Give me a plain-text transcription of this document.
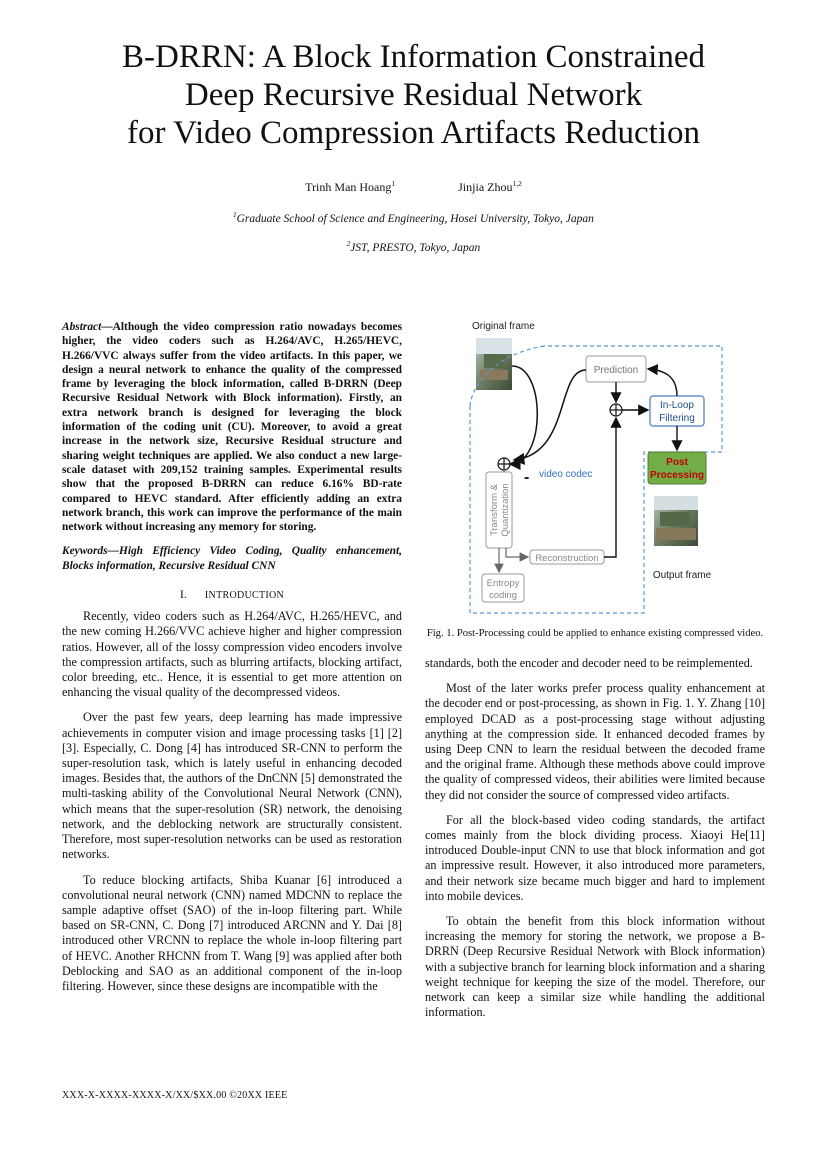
B-DRRN: A Block Information Constrained
Deep Recursive Residual Network
for Video Compression Artifacts Reduction
Trinh Man Hoang$^1$	Jinjia Zhou$^{1,2}$
$^1$Graduate School of Science and Engineering, Hosei University, Tokyo, Japan
$^2$JST, PRESTO, Tokyo, Japan
Abstract—Although the video compression ratio nowadays becomes higher, the video coders such as H.264/AVC, H.265/HEVC, H.266/VVC always suffer from the video artifacts. In this paper, we design a neural network to enhance the quality of the compressed frame by leveraging the block information, called B-DRRN (Deep Recursive Residual Network with Block information). Firstly, an extra network branch is designed for leveraging the block information of the coding unit (CU). Moreover, to avoid a great increase in the network size, Recursive Residual structure and sharing weight techniques are applied. We also conduct a new large-scale dataset with 209,152 training samples. Experimental results show that the proposed B-DRRN can reduce 6.16% BD-rate compared to HEVC standard. After efficiently adding an extra network branch, this work can improve the performance of the main network without increasing any memory for storing.
Keywords—High Efficiency Video Coding, Quality enhancement, Blocks information, Recursive Residual CNN
I. INTRODUCTION

Recently, video coders such as H.264/AVC, H.265/HEVC, and the new coming H.266/VVC achieve higher and higher compression ratios. However, all of the lossy compression video encoders involve the compression artifacts, such as blurring artifacts, blocking artifact, color breeding, etc.. Hence, it is essential to get more attention on enhancing the visual quality of the decompressed videos.

Over the past few years, deep learning has made impressive achievements in computer vision and image processing tasks [1] [2] [3]. Especially, C. Dong [4] has introduced SR-CNN to perform the super-resolution task, which is lately useful in enhancing decoded images. Besides that, the authors of the DnCNN [5] demonstrated the multi-tasking ability of the Convolutional Neural Network (CNN), which means that the super-resolution (SR) network, the denoising network, and the deblocking network are structurally consistent. Therefore, most super-resolution networks can be used as restoration networks.

To reduce blocking artifacts, Shiba Kuanar [6] introduced a convolutional neural network (CNN) named MDCNN to replace the sample adaptive offset (SAO) of the in-loop filtering part. While based on SR-CNN, C. Dong [7] introduced ARCNN and Y. Dai [8] introduced other VRCNN to replace the whole in-loop filtering part of HEVC. Another RHCNN from T. Wang [9] was applied after both Deblocking and SAO as an additional component of the in-loop filtering. However, since these designs are incompatible with the

Original frame
Prediction
In-Loop
Filtering
Post
Processing
Output frame
video codec
Transform & Quantization
Reconstruction
Entropy
coding
-
Fig. 1. Post-Processing could be applied to enhance existing compressed video.

standards, both the encoder and decoder need to be reimplemented.

Most of the later works prefer process quality enhancement at the decoder end or post-processing, as shown in Fig. 1. Y. Zhang [10] employed DCAD as a post-processing stage without adjusting anything at the compression side. It enhanced decoded frames by using Deep CNN to learn the residual between the decoded frame and the original frame. Although these methods above could improve the quality of compressed videos, their abilities were limited because they did not consider the source of compressed video artifacts.

For all the block-based video coding standards, the artifact comes mainly from the block dividing process. Xiaoyi He[11] introduced Double-input CNN to use that block information and got an impressive result. However, it also introduced more parameters, and their network size became much bigger and hard to implement into mobile devices.

To obtain the benefit from this block information without increasing the memory for storing the network, we propose a B-DRRN (Deep Recursive Residual Network with Block information) with a subjective branch for learning block information and a sharing weight technique for keeping the size of the model. Therefore, our network can keep a similar size while handling the additional information.

XXX-X-XXXX-XXXX-X/XX/$XX.00 ©20XX IEEE
